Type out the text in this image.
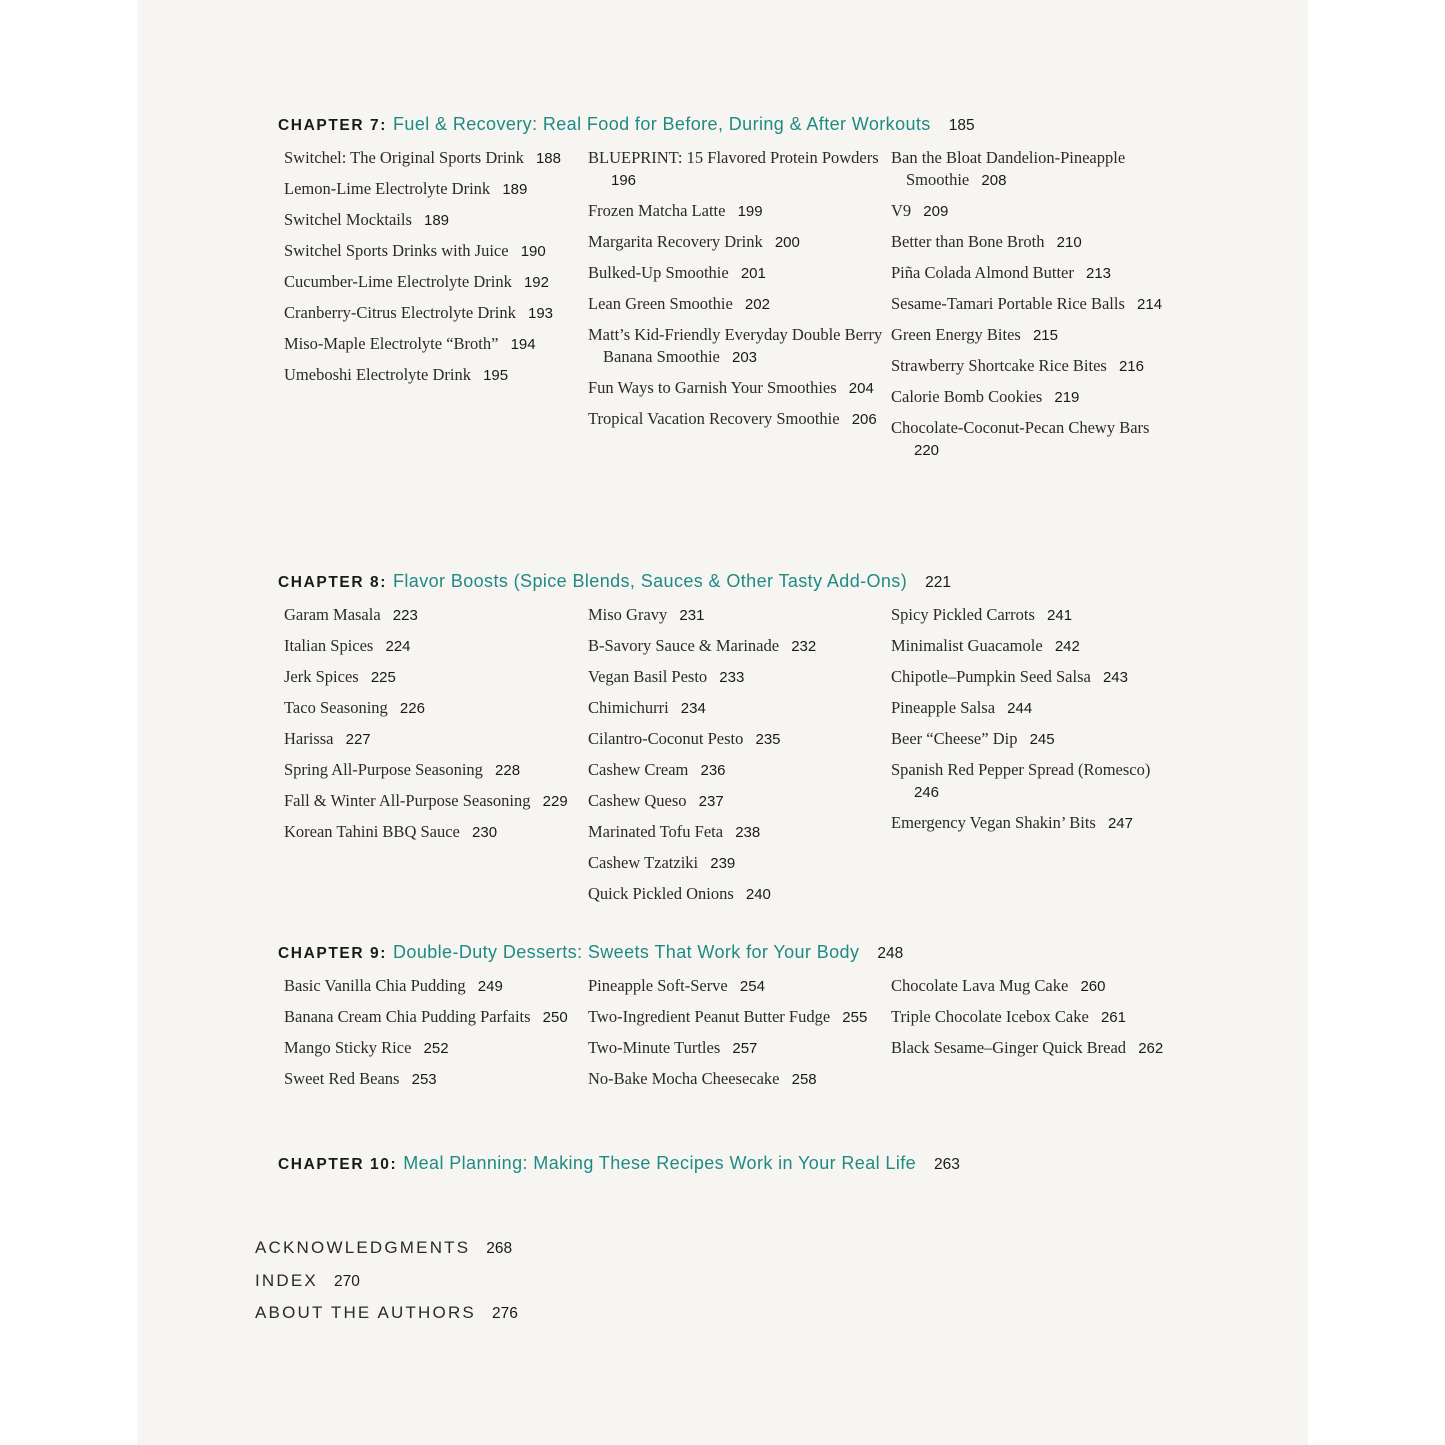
CHAPTER 7: Fuel & Recovery: Real Food for Before, During & After Workouts 185
Switchel: The Original Sports Drink 188
Lemon-Lime Electrolyte Drink 189
Switchel Mocktails 189
Switchel Sports Drinks with Juice 190
Cucumber-Lime Electrolyte Drink 192
Cranberry-Citrus Electrolyte Drink 193
Miso-Maple Electrolyte “Broth” 194
Umeboshi Electrolyte Drink 195
BLUEPRINT: 15 Flavored Protein Powders 196
Frozen Matcha Latte 199
Margarita Recovery Drink 200
Bulked-Up Smoothie 201
Lean Green Smoothie 202
Matt’s Kid-Friendly Everyday Double Berry Banana Smoothie 203
Fun Ways to Garnish Your Smoothies 204
Tropical Vacation Recovery Smoothie 206
Ban the Bloat Dandelion-Pineapple Smoothie 208
V9 209
Better than Bone Broth 210
Piña Colada Almond Butter 213
Sesame-Tamari Portable Rice Balls 214
Green Energy Bites 215
Strawberry Shortcake Rice Bites 216
Calorie Bomb Cookies 219
Chocolate-Coconut-Pecan Chewy Bars 220
CHAPTER 8: Flavor Boosts (Spice Blends, Sauces & Other Tasty Add-Ons) 221
Garam Masala 223
Italian Spices 224
Jerk Spices 225
Taco Seasoning 226
Harissa 227
Spring All-Purpose Seasoning 228
Fall & Winter All-Purpose Seasoning 229
Korean Tahini BBQ Sauce 230
Miso Gravy 231
B-Savory Sauce & Marinade 232
Vegan Basil Pesto 233
Chimichurri 234
Cilantro-Coconut Pesto 235
Cashew Cream 236
Cashew Queso 237
Marinated Tofu Feta 238
Cashew Tzatziki 239
Quick Pickled Onions 240
Spicy Pickled Carrots 241
Minimalist Guacamole 242
Chipotle–Pumpkin Seed Salsa 243
Pineapple Salsa 244
Beer “Cheese” Dip 245
Spanish Red Pepper Spread (Romesco) 246
Emergency Vegan Shakin’ Bits 247
CHAPTER 9: Double-Duty Desserts: Sweets That Work for Your Body 248
Basic Vanilla Chia Pudding 249
Banana Cream Chia Pudding Parfaits 250
Mango Sticky Rice 252
Sweet Red Beans 253
Pineapple Soft-Serve 254
Two-Ingredient Peanut Butter Fudge 255
Two-Minute Turtles 257
No-Bake Mocha Cheesecake 258
Chocolate Lava Mug Cake 260
Triple Chocolate Icebox Cake 261
Black Sesame–Ginger Quick Bread 262
CHAPTER 10: Meal Planning: Making These Recipes Work in Your Real Life 263
ACKNOWLEDGMENTS 268
INDEX 270
ABOUT THE AUTHORS 276
